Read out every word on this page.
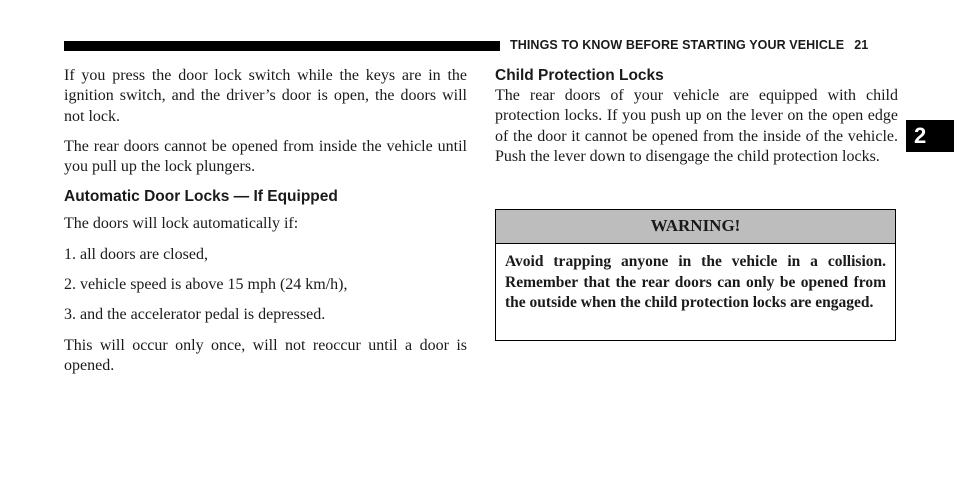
THINGS TO KNOW BEFORE STARTING YOUR VEHICLE 21

If you press the door lock switch while the keys are in the ignition switch, and the driver’s door is open, the doors will not lock.

The rear doors cannot be opened from inside the vehicle until you pull up the lock plungers.

Automatic Door Locks — If Equipped

The doors will lock automatically if:

1. all doors are closed,

2. vehicle speed is above 15 mph (24 km/h),

3. and the accelerator pedal is depressed.

This will occur only once, will not reoccur until a door is opened.

Child Protection Locks

The rear doors of your vehicle are equipped with child protection locks. If you push up on the lever on the open edge of the door it cannot be opened from the inside of the vehicle. Push the lever down to disengage the child protection locks.

2
WARNING!
Avoid trapping anyone in the vehicle in a collision. Remember that the rear doors can only be opened from the outside when the child protection locks are engaged.
